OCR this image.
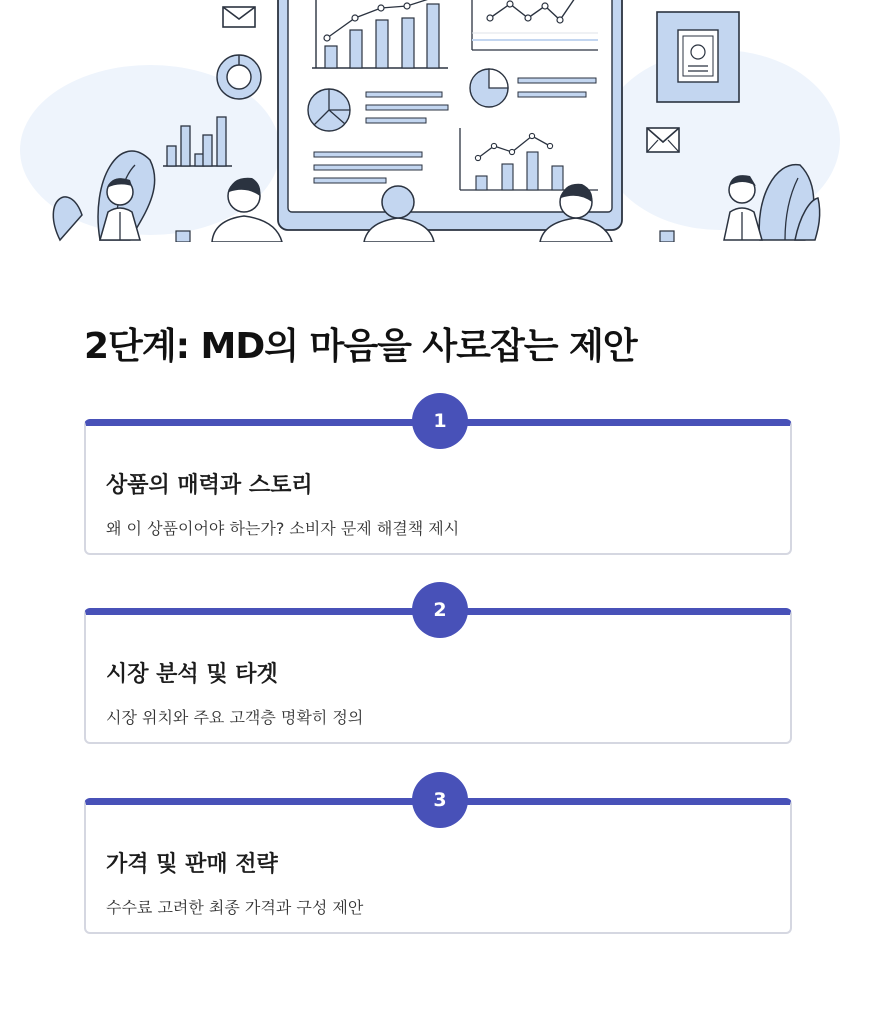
2단계: MD의 마음을 사로잡는 제안
1
상품의 매력과 스토리

왜 이 상품이어야 하는가? 소비자 문제 해결책 제시

2
시장 분석 및 타겟

시장 위치와 주요 고객층 명확히 정의

3
가격 및 판매 전략

수수료 고려한 최종 가격과 구성 제안
